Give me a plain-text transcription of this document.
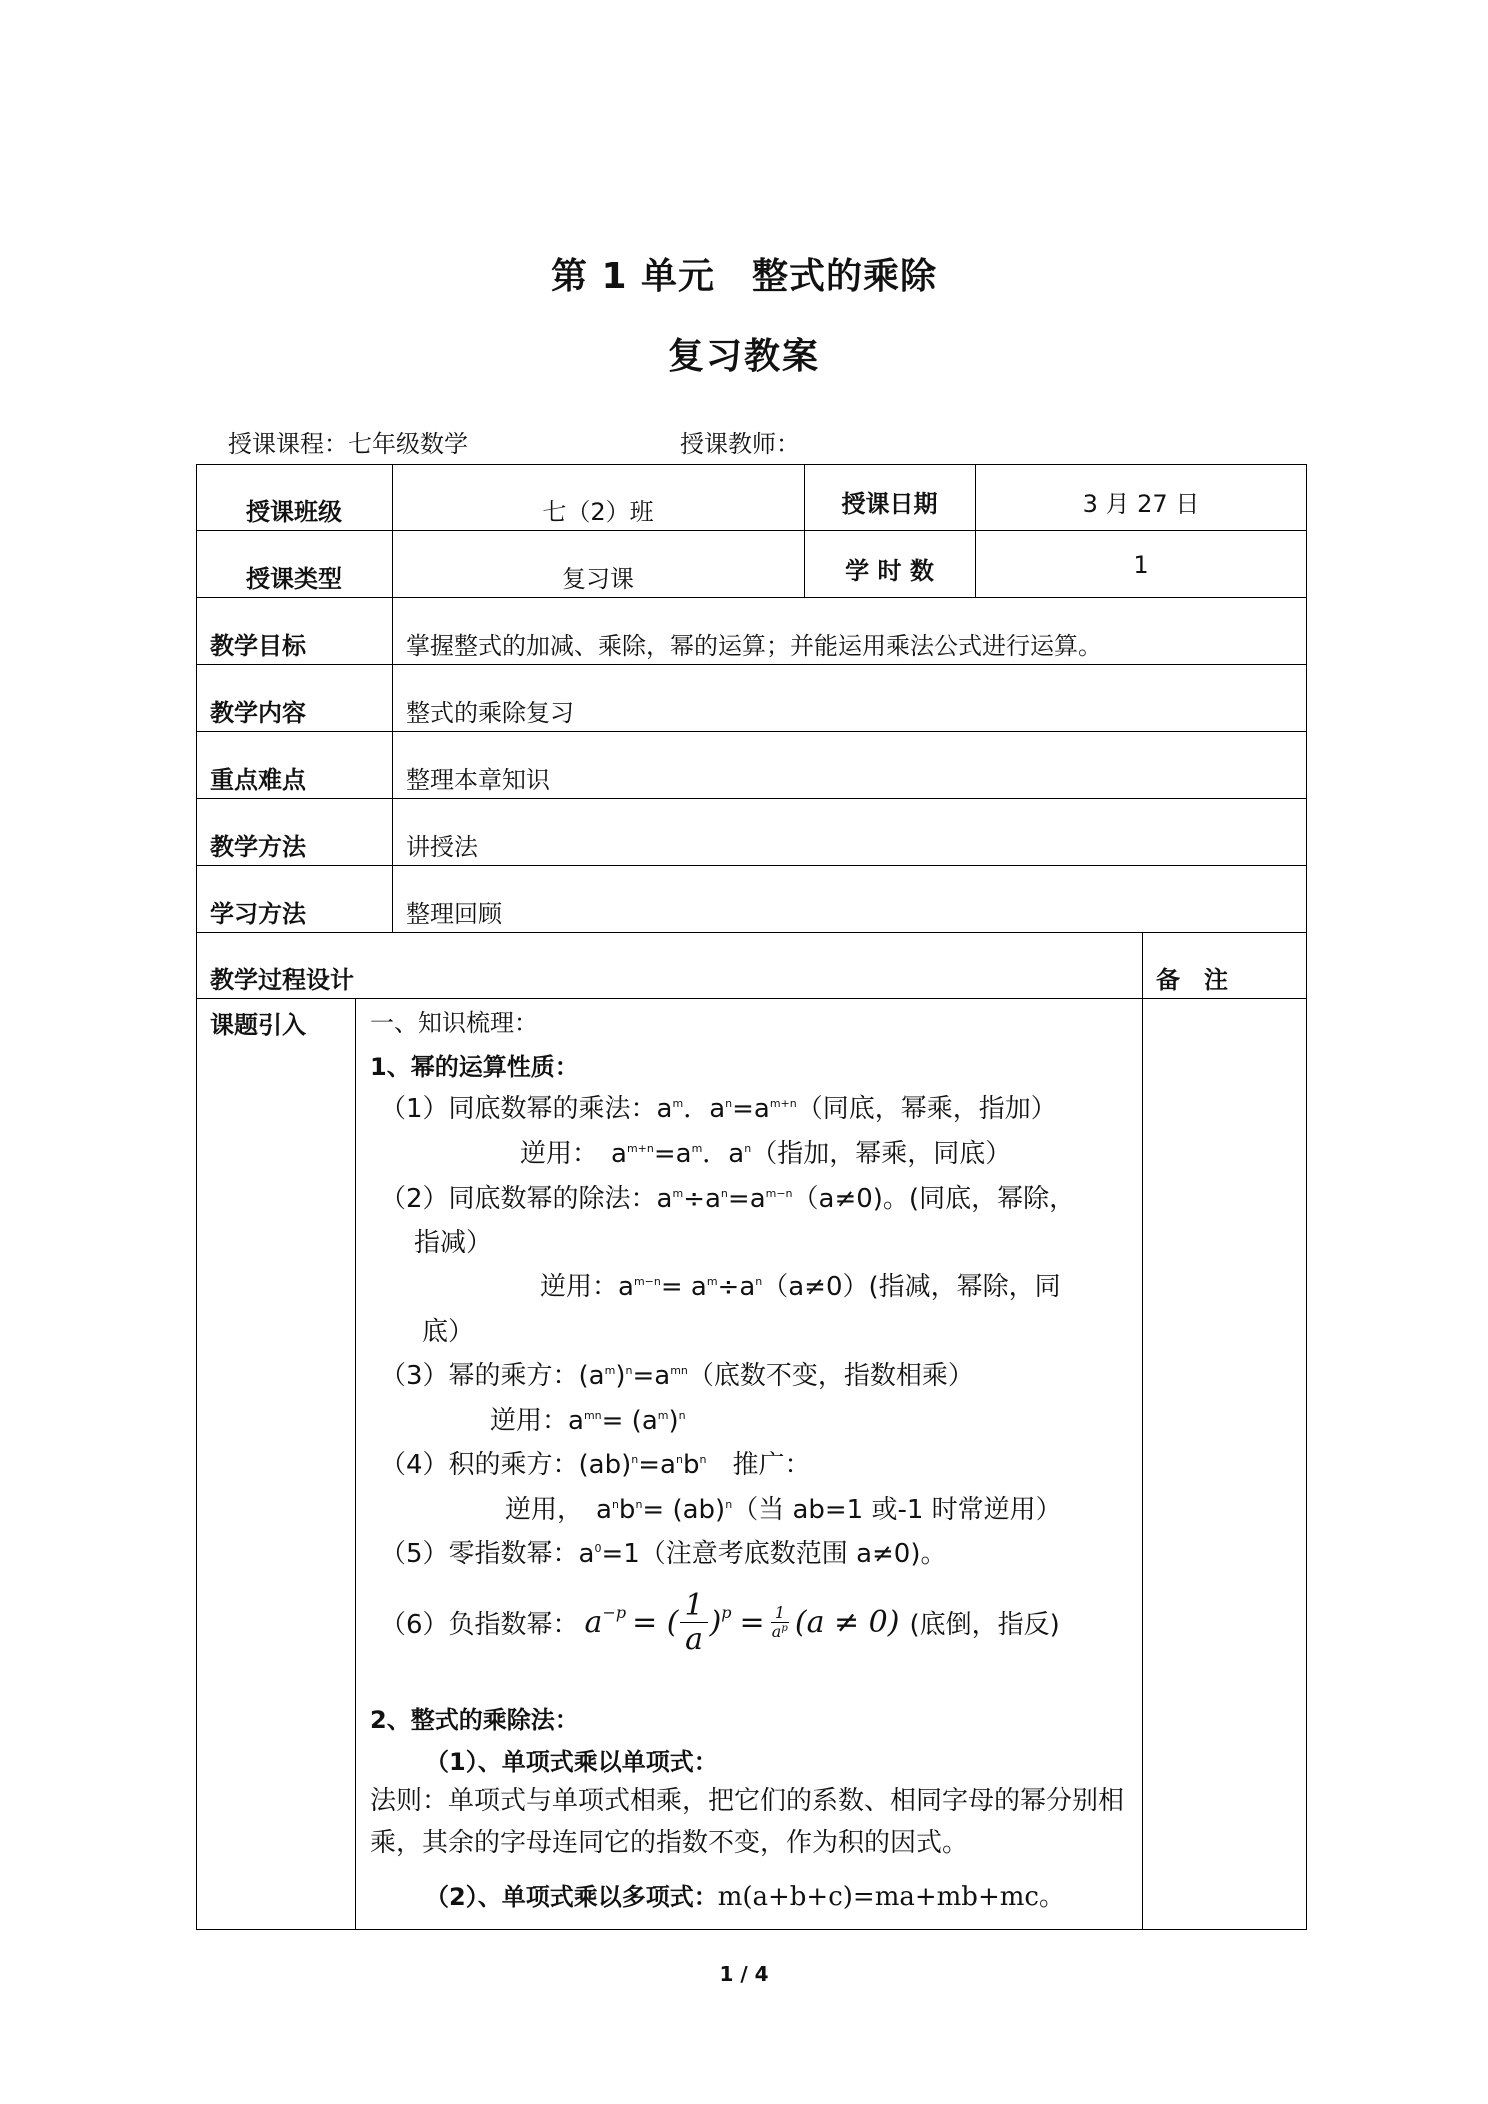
第 1 单元　整式的乘除
复习教案
授课课程：七年级数学	授课教师：
授课班级	七（2）班	授课日期	3 月 27 日
授课类型	复习课	学 时 数	1
教学目标	掌握整式的加减、乘除，幂的运算；并能运用乘法公式进行运算。
教学内容	整式的乘除复习
重点难点	整理本章知识
教学方法	讲授法
学习方法	整理回顾
教学过程设计	备　注
课题引入	一、知识梳理：
1、幂的运算性质：
（1）同底数幂的乘法：$a^m$．$a^n=a^{m+n}$（同底，幂乘，指加）
逆用：　$a^{m+n}=a^m$．$a^n$（指加，幂乘，同底）
（2）同底数幂的除法：$a^m\div a^n=a^{m-n}(a\ne 0)$。(同底，幂除，
指减）
逆用：$a^{m-n}= a^m\div a^n(a\ne 0)$(指减，幂除，同
底）
（3）幂的乘方：$(a^m)^n=a^{mn}$（底数不变，指数相乘）
逆用：$a^{mn}= (a^m)^n$
（4）积的乘方：$(ab)^n=a^nb^n$　推广：
逆用，　$a^nb^n= (ab)^n$（当 ab=1 或-1 时常逆用）
（5）零指数幂：$a^0=1$（注意考底数范围 a≠0)。
（6）负指数幂： $a^{-p}$ = ( $\frac{1}{a} )^p = \frac{1}{a^p} (a \ne 0)$ (底倒，指反)
2、整式的乘除法：
（1）、单项式乘以单项式：
法则：单项式与单项式相乘，把它们的系数、相同字母的幂分别相
乘，其余的字母连同它的指数不变，作为积的因式。
（2）、单项式乘以多项式：m(a+b+c)=ma+mb+mc。
1 / 4
